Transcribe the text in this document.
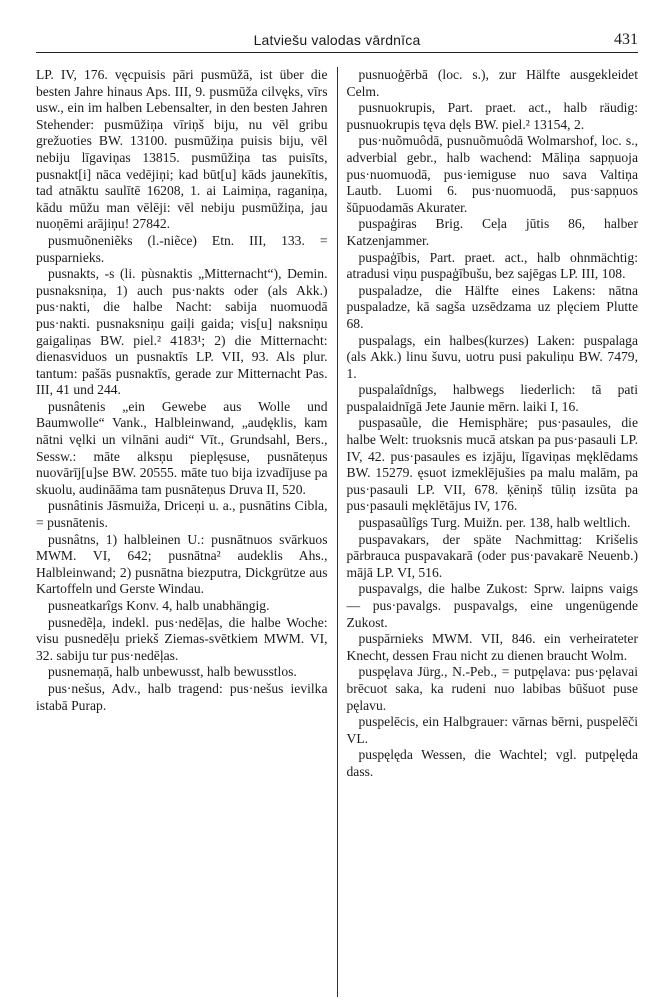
Latviešu valodas vārdnīca	431

LP. IV, 176. vęcpuisis pāri pusmūžā, ist über die besten Jahre hinaus Aps. III, 9. pusmūža cilvęks, vīrs usw., ein im halben Lebensalter, in den besten Jahren Stehender: pusmūžiņa vīriņš biju, nu vēl gribu grežuoties BW. 13100. pusmūžiņa puisis biju, vēl nebiju līgaviņas 13815. pusmūžiņa tas puisīts, pusnakt[i] nāca vedējiņi; kad būt[u] kāds jaunekītis, tad atnāktu saulītē 16208, 1. ai Laimiņa, raganiņa, kādu mūžu man vēlēji: vēl nebiju pusmūžiņa, jau nuoņēmi arājiņu! 27842.

pusmuõneniẽks (l.-niẽce) Etn. III, 133. = pusparnieks.

pusnakts, -s (li. pùsnaktis „Mitternacht“), Demin. pusnaksniņa, 1) auch pus·nakts oder (als Akk.) pus·nakti, die halbe Nacht: sabija nuomuodā pus·nakti. pusnaksniņu gaiļi gaida; vis[u] naksniņu gaigaliņas BW. piel.² 4183¹; 2) die Mitternacht: dienasviduos un pusnaktīs LP. VII, 93. Als plur. tantum: pašās pusnaktīs, gerade zur Mitternacht Pas. III, 41 und 244.

pusnâtenis „ein Gewebe aus Wolle und Baumwolle“ Vank., Halbleinwand, „audęklis, kam nātni vęlki un vilnāni audi“ Vīt., Grundsahl, Bers., Sessw.: māte alksņu pieplęsuse, pusnāteņus nuovārīj[u]se BW. 20555. māte tuo bija izvadījuse pa skuolu, audināāma tam pusnāteņus Druva II, 520.

pusnâtinis Jāsmuiža, Driceņi u. a., pusnātins Cibla, = pusnātenis.

pusnâtns, 1) halbleinen U.: pusnātnuos svārkuos MWM. VI, 642; pusnātna² audeklis Ahs., Halbleinwand; 2) pusnātna biezputra, Dickgrütze aus Kartoffeln und Gerste Windau.

pusneatkarîgs Konv. 4, halb unabhängig.

pusnedẽļa, indekl. pus·nedēļas, die halbe Woche: visu pusnedēļu priekš Ziemas-svētkiem MWM. VI, 32. sabiju tur pus·nedēļas.

pusnemaņā, halb unbewusst, halb bewusstlos.

pus·nešus, Adv., halb tragend: pus·nešus ievilka istabā Purap.

pusnuoģērbā (loc. s.), zur Hälfte ausgekleidet Celm.

pusnuokrupis, Part. praet. act., halb räudig: pusnuokrupis tęva dęls BW. piel.² 13154, 2.

pus·nuõmuôdā, pusnuõmuôdā Wolmarshof, loc. s., adverbial gebr., halb wachend: Māliņa sapņuoja pus·nuomuodā, pus·iemiguse nuo sava Valtiņa Lautb. Luomi 6. pus·nuomuodā, pus·sapņuos šūpuodamās Akurater.

puspaģiras Brig. Ceļa jūtis 86, halber Katzenjammer.

puspaģībis, Part. praet. act., halb ohnmächtig: atradusi viņu puspaģībušu, bez sajēgas LP. III, 108.

puspaladze, die Hälfte eines Lakens: nātna puspaladze, kā sagša uzsēdzama uz plęciem Plutte 68.

puspalags, ein halbes(kurzes) Laken: puspalaga (als Akk.) linu šuvu, uotru pusi pakuliņu BW. 7479, 1.

puspalaîdnîgs, halbwegs liederlich: tā pati puspalaidnīgā Jete Jaunie mērn. laiki I, 16.

puspasaũle, die Hemisphäre; pus·pasaules, die halbe Welt: truoksnis mucā atskan pa pus·pasauli LP. IV, 42. pus·pasaules es izjāju, līgaviņas męklēdams BW. 15279. ęsuot izmeklējušies pa malu malām, pa pus·pasauli LP. VII, 678. ķēniņš tūliņ izsūta pa pus·pasauli męklētājus IV, 176.

puspasaũlîgs Turg. Muižn. per. 138, halb weltlich.

puspavakars, der späte Nachmittag: Krišelis pārbrauca puspavakarā (oder pus·pavakarē Neuenb.) mājā LP. VI, 516.

puspavalgs, die halbe Zukost: Sprw. laipns vaigs — pus·pavalgs. puspavalgs, eine ungenügende Zukost.

puspārnieks MWM. VII, 846. ein verheirateter Knecht, dessen Frau nicht zu dienen braucht Wolm.

puspęlava Jürg., N.-Peb., = putpęlava: pus·pęlavai brēcuot saka, ka rudeni nuo labibas būšuot puse pęlavu.

puspelēcis, ein Halbgrauer: vārnas bērni, puspelēči VL.

puspęlęda Wessen, die Wachtel; vgl. putpęlęda dass.
